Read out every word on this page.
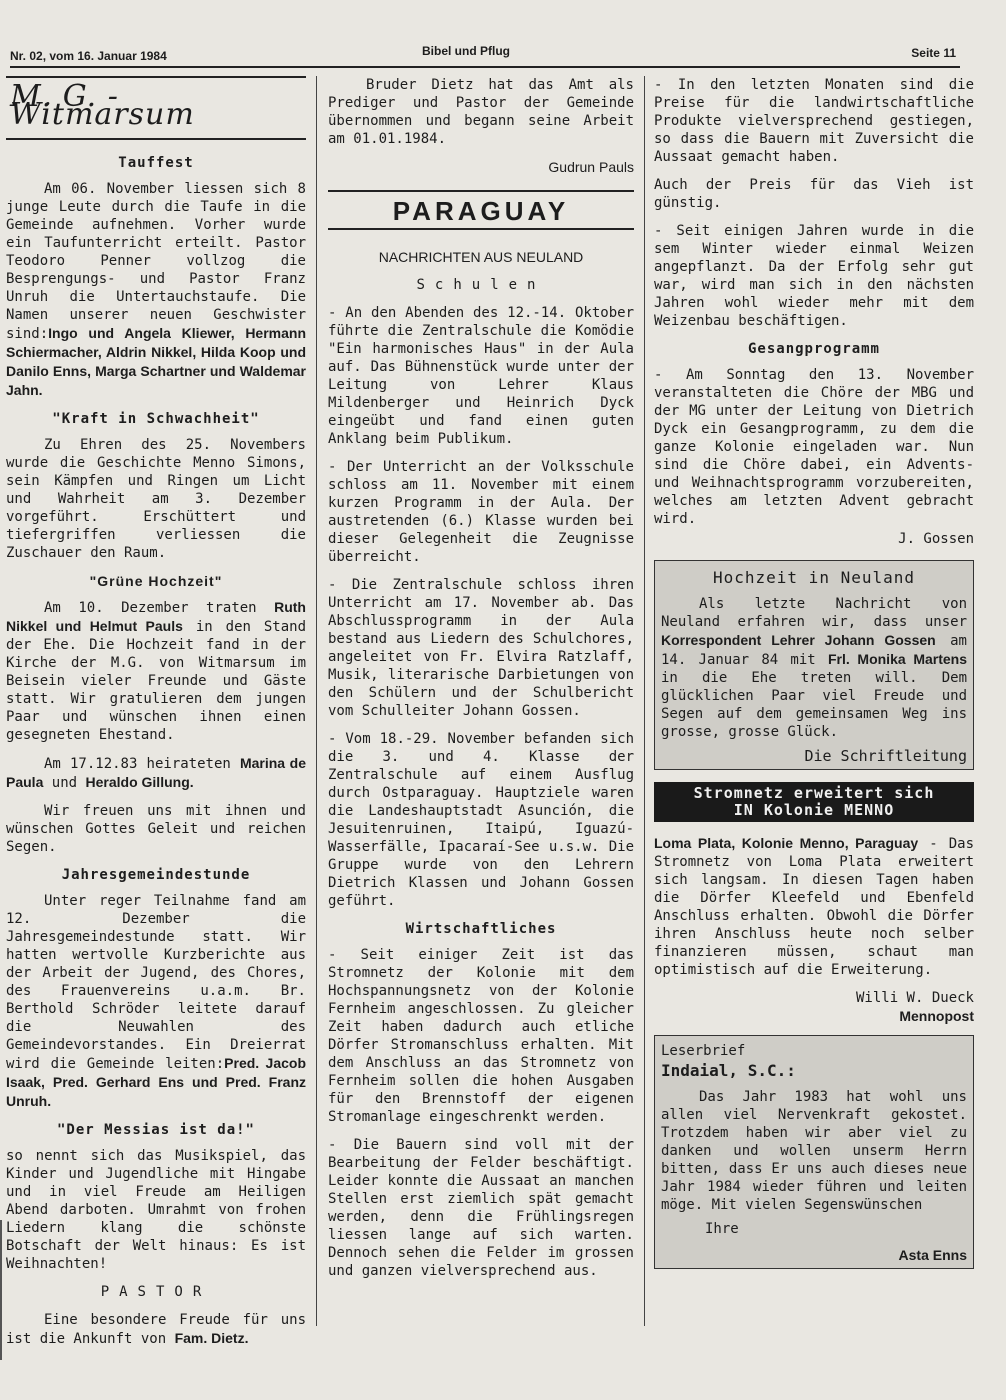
Nr. 02, vom 16. Januar 1984	Bibel und Pflug	Seite 11
M. G. - Witmarsum
Tauffest

Am 06. November liessen sich 8 junge Leute durch die Taufe in die Gemeinde aufnehmen. Vorher wurde ein Taufunterricht erteilt. Pastor Teodoro Penner vollzog die Besprengungs- und Pastor Franz Unruh die Untertauchstaufe. Die Namen unserer neuen Geschwister sind:Ingo und Angela Kliewer, Hermann Schiermacher, Aldrin Nikkel, Hilda Koop und Danilo Enns, Marga Schartner und Waldemar Jahn.

"Kraft in Schwachheit"

Zu Ehren des 25. Novembers wurde die Geschichte Menno Simons, sein Kämpfen und Ringen um Licht und Wahrheit am 3. Dezember vorgeführt. Erschüttert und tiefergriffen verliessen die Zuschauer den Raum.

"Grüne Hochzeit"

Am 10. Dezember traten Ruth Nikkel und Helmut Pauls in den Stand der Ehe. Die Hochzeit fand in der Kirche der M.G. von Witmarsum im Beisein vieler Freunde und Gäste statt. Wir gratulieren dem jungen Paar und wünschen ihnen einen gesegneten Ehestand.

Am 17.12.83 heirateten Marina de Paula und Heraldo Gillung.

Wir freuen uns mit ihnen und wünschen Gottes Geleit und reichen Segen.

Jahresgemeindestunde

Unter reger Teilnahme fand am 12. Dezember die Jahresgemeindestunde statt. Wir hatten wertvolle Kurzberichte aus der Arbeit der Jugend, des Chores, des Frauenvereins u.a.m. Br. Berthold Schröder leitete darauf die Neuwahlen des Gemeindevorstandes. Ein Dreierrat wird die Gemeinde leiten:Pred. Jacob Isaak, Pred. Gerhard Ens und Pred. Franz Unruh.

"Der Messias ist da!"

so nennt sich das Musikspiel, das Kinder und Jugendliche mit Hingabe und in viel Freude am Heiligen Abend darboten. Umrahmt von frohen Liedern klang die schönste Botschaft der Welt hinaus: Es ist Weihnachten!

PASTOR

Eine besondere Freude für uns ist die Ankunft von Fam. Dietz.

Bruder Dietz hat das Amt als Prediger und Pastor der Gemeinde übernommen und begann seine Arbeit am 01.01.1984.

Gudrun Pauls
PARAGUAY
NACHRICHTEN AUS NEULAND
Schulen

- An den Abenden des 12.-14. Oktober führte die Zentralschule die Komödie "Ein harmonisches Haus" in der Aula auf. Das Bühnenstück wurde unter der Leitung von Lehrer Klaus Mildenberger und Heinrich Dyck eingeübt und fand einen guten Anklang beim Publikum.

- Der Unterricht an der Volksschule schloss am 11. November mit einem kurzen Programm in der Aula. Der austretenden (6.) Klasse wurden bei dieser Gelegenheit die Zeugnisse überreicht.

- Die Zentralschule schloss ihren Unterricht am 17. November ab. Das Abschlussprogramm in der Aula bestand aus Liedern des Schulchores, angeleitet von Fr. Elvira Ratzlaff, Musik, literarische Darbietungen von den Schülern und der Schulbericht vom Schulleiter Johann Gossen.

- Vom 18.-29. November befanden sich die 3. und 4. Klasse der Zentralschule auf einem Ausflug durch Ostparaguay. Hauptziele waren die Landeshauptstadt Asunción, die Jesuitenruinen, Itaipú, Iguazú-Wasserfälle, Ipacaraí-See u.s.w. Die Gruppe wurde von den Lehrern Dietrich Klassen und Johann Gossen geführt.

Wirtschaftliches

- Seit einiger Zeit ist das Stromnetz der Kolonie mit dem Hochspannungsnetz von der Kolonie Fernheim angeschlossen. Zu gleicher Zeit haben dadurch auch etliche Dörfer Stromanschluss erhalten. Mit dem Anschluss an das Stromnetz von Fernheim sollen die hohen Ausgaben für den Brennstoff der eigenen Stromanlage eingeschrenkt werden.

- Die Bauern sind voll mit der Bearbeitung der Felder beschäftigt. Leider konnte die Aussaat an manchen Stellen erst ziemlich spät gemacht werden, denn die Frühlingsregen liessen lange auf sich warten. Dennoch sehen die Felder im grossen und ganzen vielversprechend aus.

- In den letzten Monaten sind die Preise für die landwirtschaftliche Produkte vielversprechend gestiegen, so dass die Bauern mit Zuversicht die Aussaat gemacht haben.

Auch der Preis für das Vieh ist günstig.

- Seit einigen Jahren wurde in die sem Winter wieder einmal Weizen angepflanzt. Da der Erfolg sehr gut war, wird man sich in den nächsten Jahren wohl wieder mehr mit dem Weizenbau beschäftigen.

Gesangprogramm

- Am Sonntag den 13. November veranstalteten die Chöre der MBG und der MG unter der Leitung von Dietrich Dyck ein Gesangprogramm, zu dem die ganze Kolonie eingeladen war. Nun sind die Chöre dabei, ein Advents- und Weihnachtsprogramm vorzubereiten, welches am letzten Advent gebracht wird.

J. Gossen
Hochzeit in Neuland

Als letzte Nachricht von Neuland erfahren wir, dass unser Korrespondent Lehrer Johann Gossen am 14. Januar 84 mit Frl. Monika Martens in die Ehe treten will. Dem glücklichen Paar viel Freude und Segen auf dem gemeinsamen Weg ins grosse, grosse Glück.

Die Schriftleitung
Stromnetz erweitert sich
IN Kolonie MENNO

Loma Plata, Kolonie Menno, Paraguay - Das Stromnetz von Loma Plata erweitert sich langsam. In diesen Tagen haben die Dörfer Kleefeld und Ebenfeld Anschluss erhalten. Obwohl die Dörfer ihren Anschluss heute noch selber finanzieren müssen, schaut man optimistisch auf die Erweiterung.

Willi W. Dueck
Mennopost
Leserbrief
Indaial, S.C.:

Das Jahr 1983 hat wohl uns allen viel Nervenkraft gekostet. Trotzdem haben wir aber viel zu danken und wollen unserm Herrn bitten, dass Er uns auch dieses neue Jahr 1984 wieder führen und leiten möge. Mit vielen Segenswünschen

Ihre
Asta Enns
